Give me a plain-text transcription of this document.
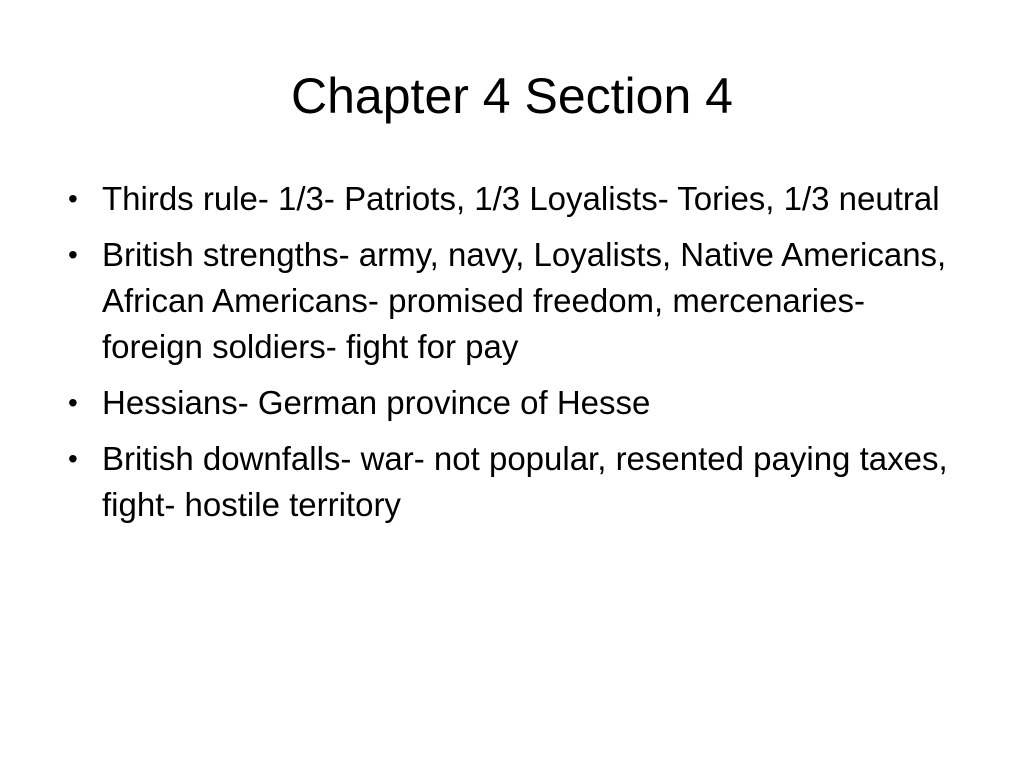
Chapter 4 Section 4
• Thirds rule- 1/3- Patriots, 1/3 Loyalists- Tories, 1/3 neutral
• British strengths- army, navy, Loyalists, Native Americans, African Americans- promised freedom, mercenaries- foreign soldiers- fight for pay
• Hessians- German province of Hesse
• British downfalls- war- not popular, resented paying taxes, fight- hostile territory
